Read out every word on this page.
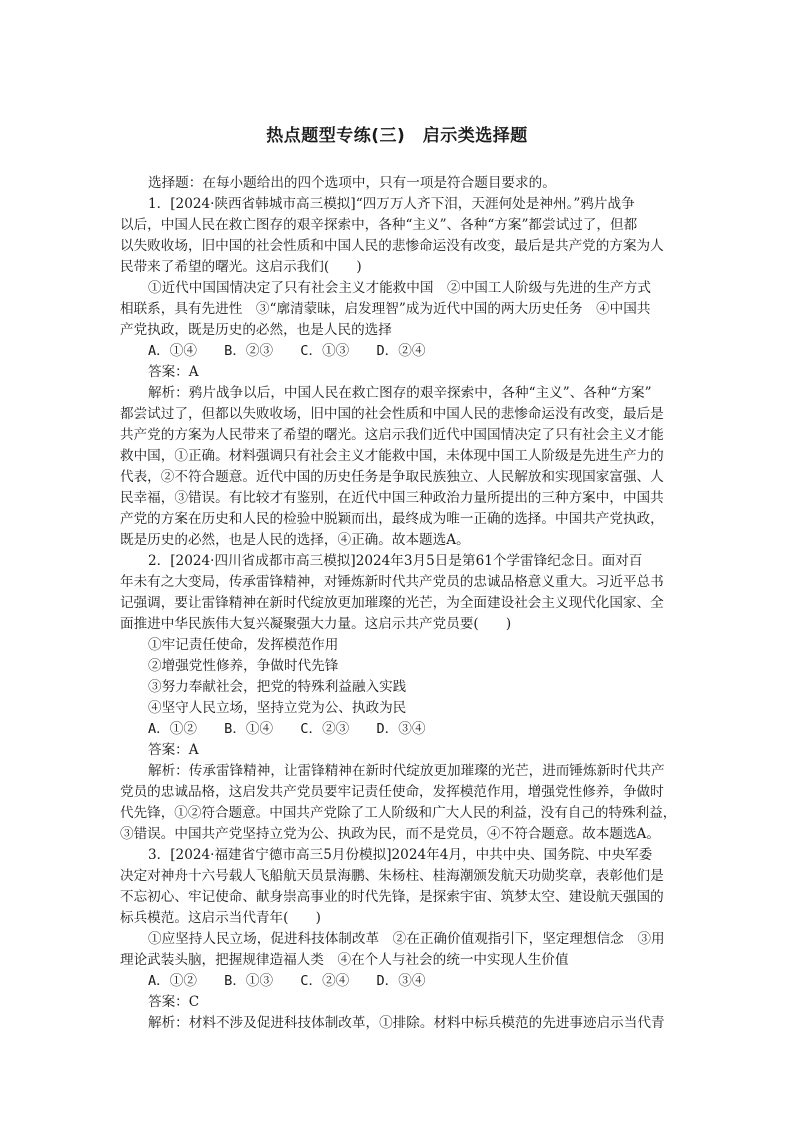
热点题型专练(三)　启示类选择题
选择题：在每小题给出的四个选项中，只有一项是符合题目要求的。
1．[2024·陕西省韩城市高三模拟]“四万万人齐下泪，天涯何处是神州。”鸦片战争
以后，中国人民在救亡图存的艰辛探索中，各种“主义”、各种“方案”都尝试过了，但都
以失败收场，旧中国的社会性质和中国人民的悲惨命运没有改变，最后是共产党的方案为人
民带来了希望的曙光。这启示我们(　　)
①近代中国国情决定了只有社会主义才能救中国　②中国工人阶级与先进的生产方式
相联系，具有先进性　③“廓清蒙昧，启发理智”成为近代中国的两大历史任务　④中国共
产党执政，既是历史的必然，也是人民的选择
A．①④　　B．②③　　C．①③　　D．②④
答案：A
解析：鸦片战争以后，中国人民在救亡图存的艰辛探索中，各种“主义”、各种“方案”
都尝试过了，但都以失败收场，旧中国的社会性质和中国人民的悲惨命运没有改变，最后是
共产党的方案为人民带来了希望的曙光。这启示我们近代中国国情决定了只有社会主义才能
救中国，①正确。材料强调只有社会主义才能救中国，未体现中国工人阶级是先进生产力的
代表，②不符合题意。近代中国的历史任务是争取民族独立、人民解放和实现国家富强、人
民幸福，③错误。有比较才有鉴别，在近代中国三种政治力量所提出的三种方案中，中国共
产党的方案在历史和人民的检验中脱颖而出，最终成为唯一正确的选择。中国共产党执政，
既是历史的必然，也是人民的选择，④正确。故本题选A。
2．[2024·四川省成都市高三模拟]2024年3月5日是第61个学雷锋纪念日。面对百
年未有之大变局，传承雷锋精神，对锤炼新时代共产党员的忠诚品格意义重大。习近平总书
记强调，要让雷锋精神在新时代绽放更加璀璨的光芒，为全面建设社会主义现代化国家、全
面推进中华民族伟大复兴凝聚强大力量。这启示共产党员要(　　)
①牢记责任使命，发挥模范作用
②增强党性修养，争做时代先锋
③努力奉献社会，把党的特殊利益融入实践
④坚守人民立场，坚持立党为公、执政为民
A．①②　　B．①④　　C．②③　　D．③④
答案：A
解析：传承雷锋精神，让雷锋精神在新时代绽放更加璀璨的光芒，进而锤炼新时代共产
党员的忠诚品格，这启发共产党员要牢记责任使命，发挥模范作用，增强党性修养，争做时
代先锋，①②符合题意。中国共产党除了工人阶级和广大人民的利益，没有自己的特殊利益，
③错误。中国共产党坚持立党为公、执政为民，而不是党员，④不符合题意。故本题选A。
3．[2024·福建省宁德市高三5月份模拟]2024年4月，中共中央、国务院、中央军委
决定对神舟十六号载人飞船航天员景海鹏、朱杨柱、桂海潮颁发航天功勋奖章，表彰他们是
不忘初心、牢记使命、献身崇高事业的时代先锋，是探索宇宙、筑梦太空、建设航天强国的
标兵模范。这启示当代青年(　　)
①应坚持人民立场，促进科技体制改革　②在正确价值观指引下，坚定理想信念　③用
理论武装头脑，把握规律造福人类　④在个人与社会的统一中实现人生价值
A．①②　　B．①③　　C．②④　　D．③④
答案：C
解析：材料不涉及促进科技体制改革，①排除。材料中标兵模范的先进事迹启示当代青
